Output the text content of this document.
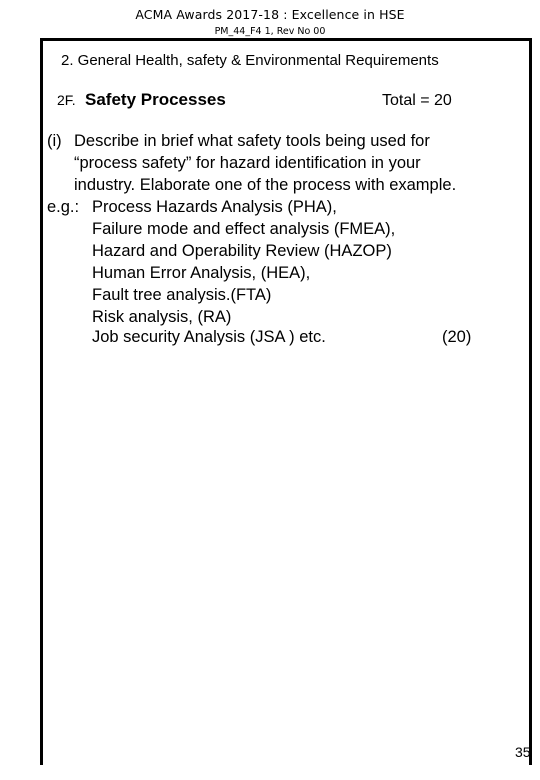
ACMA Awards 2017-18 : Excellence in HSE
PM_44_F4 1, Rev No 00
2. General Health, safety & Environmental Requirements
2F. Safety Processes	Total = 20
(i) Describe in brief what safety tools being used for
“process safety” for hazard identification in your
industry. Elaborate one of the process with example.
e.g.: Process Hazards Analysis (PHA),
Failure mode and effect analysis (FMEA),
Hazard and Operability Review (HAZOP)
Human Error Analysis, (HEA),
Fault tree analysis.(FTA)
Risk analysis, (RA)
Job security Analysis (JSA ) etc.	(20)
35
